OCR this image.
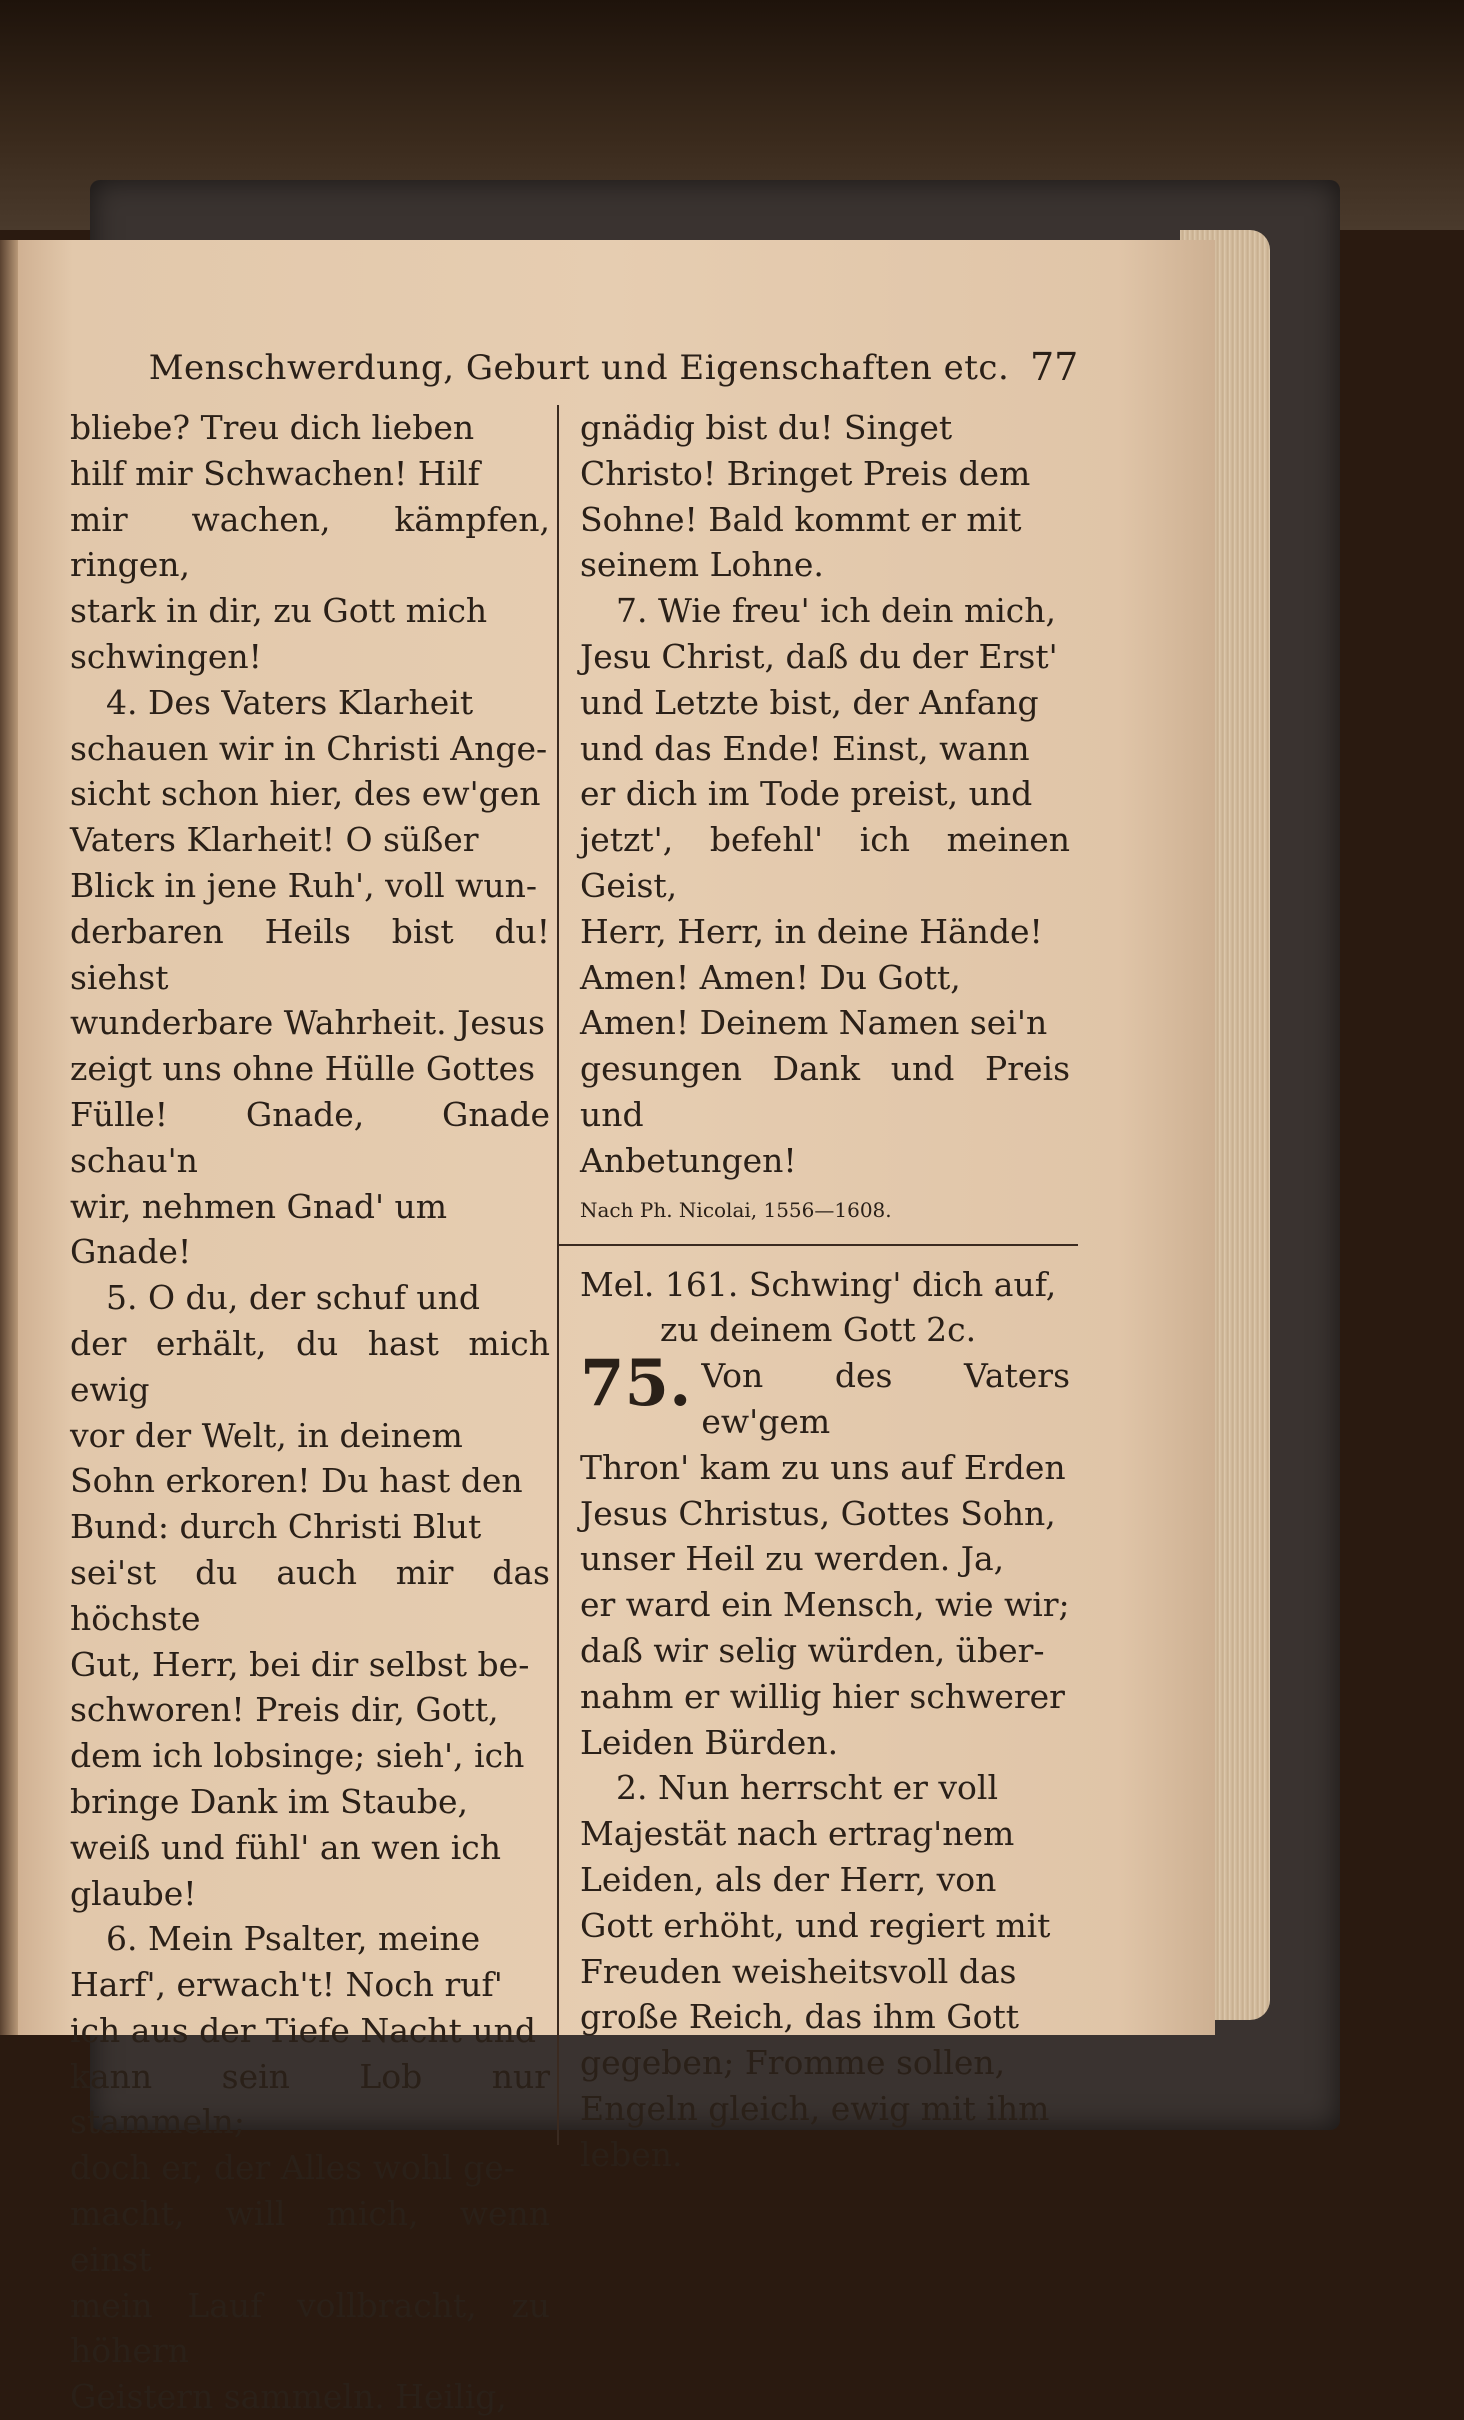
Menschwerdung, Geburt und Eigenschaften etc. 77

bliebe? Treu dich lieben

hilf mir Schwachen! Hilf

mir wachen, kämpfen, ringen,

stark in dir, zu Gott mich

schwingen!

4. Des Vaters Klarheit

schauen wir in Christi Ange-

sicht schon hier, des ew'gen

Vaters Klarheit! O süßer

Blick in jene Ruh', voll wun-

derbaren Heils bist du! siehst

wunderbare Wahrheit. Jesus

zeigt uns ohne Hülle Gottes

Fülle! Gnade, Gnade schau'n

wir, nehmen Gnad' um

Gnade!

5. O du, der schuf und

der erhält, du hast mich ewig

vor der Welt, in deinem

Sohn erkoren! Du hast den

Bund: durch Christi Blut

sei'st du auch mir das höchste

Gut, Herr, bei dir selbst be-

schworen! Preis dir, Gott,

dem ich lobsinge; sieh', ich

bringe Dank im Staube,

weiß und fühl' an wen ich

glaube!

6. Mein Psalter, meine

Harf', erwach't! Noch ruf'

ich aus der Tiefe Nacht und

kann sein Lob nur stammeln;

doch er, der Alles wohl ge-

macht, will mich, wenn einst

mein Lauf vollbracht, zu höhern

Geistern sammeln. Heilig,

gnädig bist du! Singet

Christo! Bringet Preis dem

Sohne! Bald kommt er mit

seinem Lohne.

7. Wie freu' ich dein mich,

Jesu Christ, daß du der Erst'

und Letzte bist, der Anfang

und das Ende! Einst, wann

er dich im Tode preist, und

jetzt', befehl' ich meinen Geist,

Herr, Herr, in deine Hände!

Amen! Amen! Du Gott,

Amen! Deinem Namen sei'n

gesungen Dank und Preis und

Anbetungen!

Nach Ph. Nicolai, 1556—1608.

Mel. 161. Schwing' dich auf,

zu deinem Gott 2c.

75. Von des Vaters ew'gem

Thron' kam zu uns auf Erden

Jesus Christus, Gottes Sohn,

unser Heil zu werden. Ja,

er ward ein Mensch, wie wir;

daß wir selig würden, über-

nahm er willig hier schwerer

Leiden Bürden.

2. Nun herrscht er voll

Majestät nach ertrag'nem

Leiden, als der Herr, von

Gott erhöht, und regiert mit

Freuden weisheitsvoll das

große Reich, das ihm Gott

gegeben; Fromme sollen,

Engeln gleich, ewig mit ihm

leben.
